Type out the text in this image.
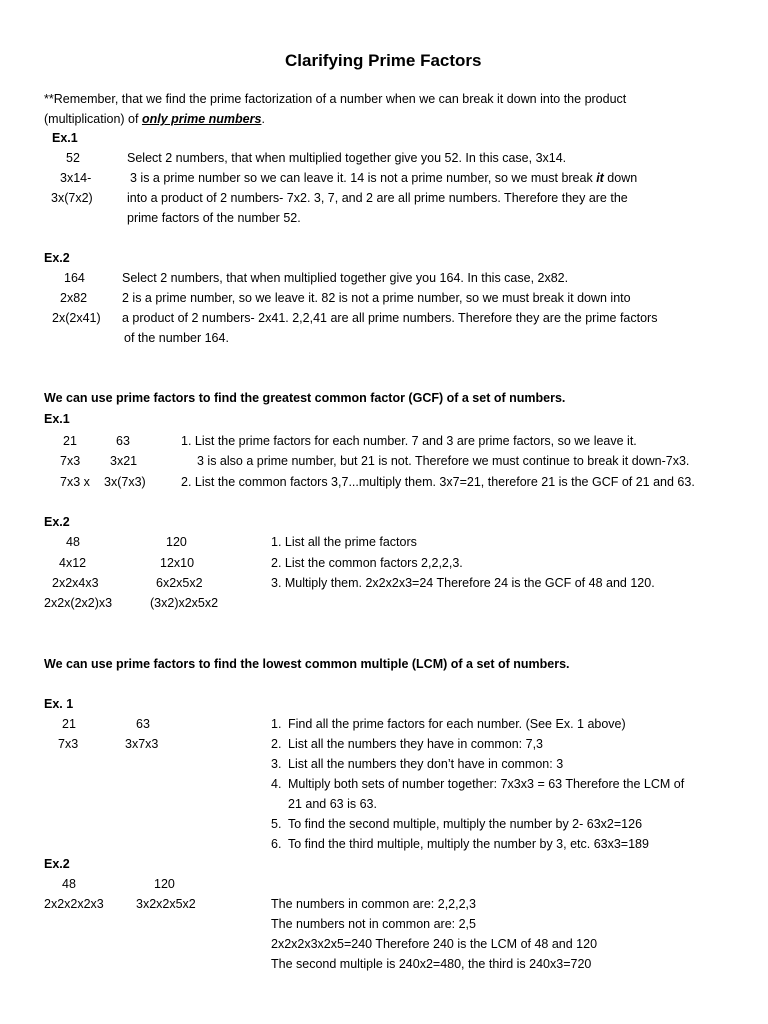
Clarifying Prime Factors
**Remember, that we find the prime factorization of a number when we can break it down into the product
(multiplication) of only prime numbers.
Ex.1
52
3x14-
3x(7x2)
Select 2 numbers, that when multiplied together give you 52. In this case, 3x14.
3 is a prime number so we can leave it. 14 is not a prime number, so we must break it down
into a product of 2 numbers- 7x2. 3, 7, and 2 are all prime numbers. Therefore they are the
prime factors of the number 52.
Ex.2
164
2x82
2x(2x41)
Select 2 numbers, that when multiplied together give you 164. In this case, 2x82.
2 is a prime number, so we leave it. 82 is not a prime number, so we must break it down into
a product of 2 numbers- 2x41. 2,2,41 are all prime numbers. Therefore they are the prime factors
of the number 164.
We can use prime factors to find the greatest common factor (GCF) of a set of numbers.
Ex.1
21
7x3
7x3 x
63
3x21
3x(7x3)
1. List the prime factors for each number. 7 and 3 are prime factors, so we leave it.
3 is also a prime number, but 21 is not. Therefore we must continue to break it down-7x3.
2. List the common factors 3,7...multiply them. 3x7=21, therefore 21 is the GCF of 21 and 63.
Ex.2
48
4x12
2x2x4x3
2x2x(2x2)x3
120
12x10
6x2x5x2
(3x2)x2x5x2
1. List all the prime factors
2. List the common factors 2,2,2,3.
3. Multiply them. 2x2x2x3=24 Therefore 24 is the GCF of 48 and 120.
We can use prime factors to find the lowest common multiple (LCM) of a set of numbers.
Ex. 1
21
7x3
63
3x7x3
1.
2.
3.
4.
5.
6.
Find all the prime factors for each number. (See Ex. 1 above)
List all the numbers they have in common: 7,3
List all the numbers they don’t have in common: 3
Multiply both sets of number together: 7x3x3 = 63 Therefore the LCM of
21 and 63 is 63.
To find the second multiple, multiply the number by 2- 63x2=126
To find the third multiple, multiply the number by 3, etc. 63x3=189
Ex.2
48
2x2x2x2x3
120
3x2x2x5x2	The numbers in common are: 2,2,2,3
The numbers not in common are: 2,5
2x2x2x3x2x5=240 Therefore 240 is the LCM of 48 and 120
The second multiple is 240x2=480, the third is 240x3=720
